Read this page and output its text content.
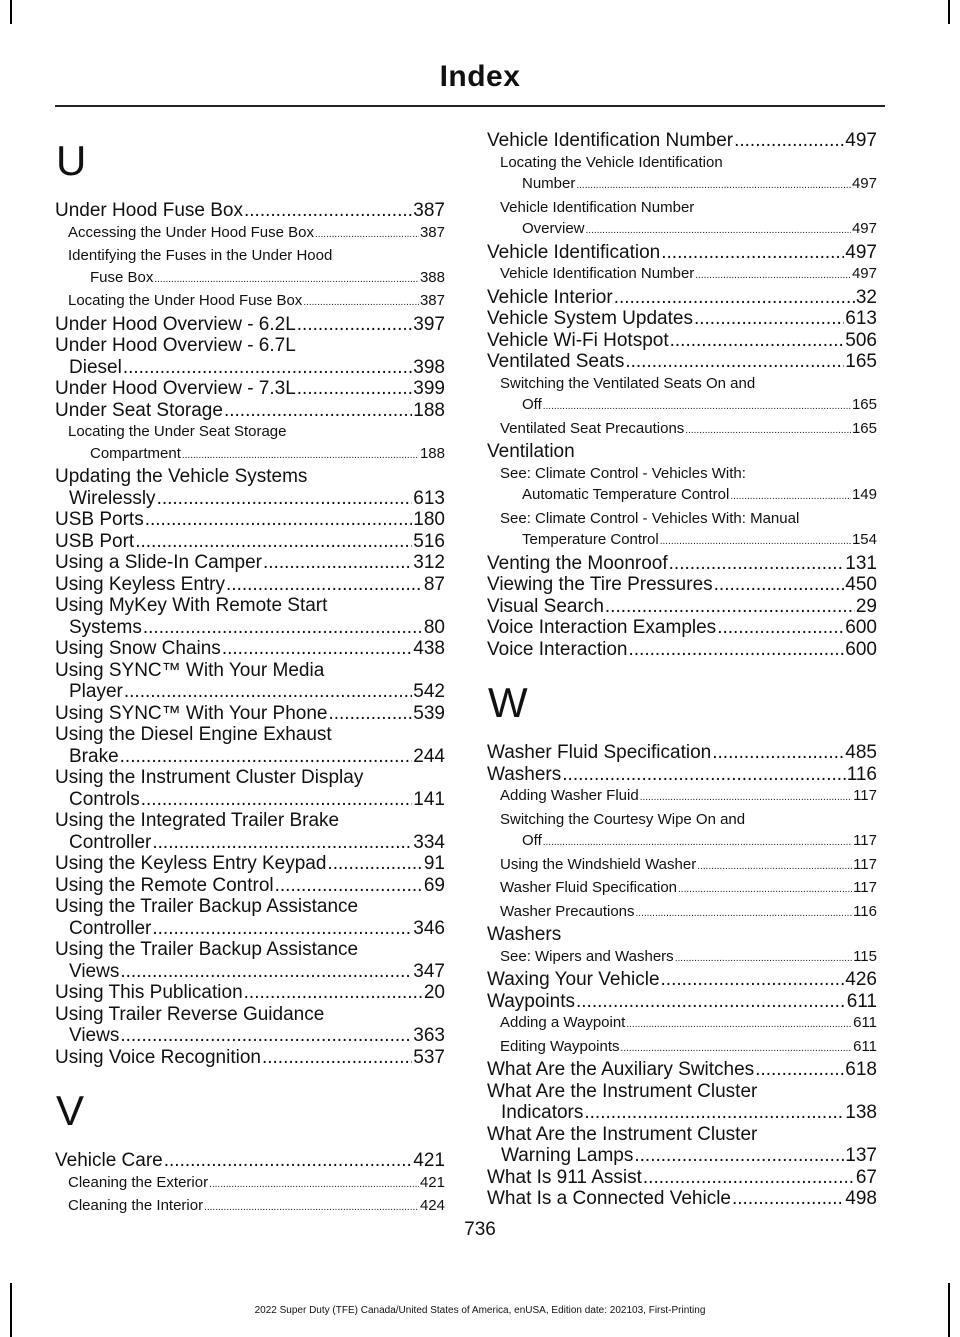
Index
U
Under Hood Fuse Box .....	387
Accessing the Under Hood Fuse Box .....	387
Identifying the Fuses in the Under Hood
Fuse Box .....	388
Locating the Under Hood Fuse Box .....	387
Under Hood Overview - 6.2L .....	397
Under Hood Overview - 6.7L
Diesel .....	398
Under Hood Overview - 7.3L .....	399
Under Seat Storage .....	188
Locating the Under Seat Storage
Compartment .....	188
Updating the Vehicle Systems
Wirelessly .....	613
USB Ports .....	180
USB Port .....	516
Using a Slide-In Camper .....	312
Using Keyless Entry .....	87
Using MyKey With Remote Start
Systems .....	80
Using Snow Chains .....	438
Using SYNC™ With Your Media
Player .....	542
Using SYNC™ With Your Phone .....	539
Using the Diesel Engine Exhaust
Brake .....	244
Using the Instrument Cluster Display
Controls .....	141
Using the Integrated Trailer Brake
Controller .....	334
Using the Keyless Entry Keypad .....	91
Using the Remote Control .....	69
Using the Trailer Backup Assistance
Controller .....	346
Using the Trailer Backup Assistance
Views .....	347
Using This Publication .....	20
Using Trailer Reverse Guidance
Views .....	363
Using Voice Recognition .....	537
V
Vehicle Care .....	421
Cleaning the Exterior .....	421
Cleaning the Interior .....	424
Vehicle Identification Number .....	497
Locating the Vehicle Identification
Number .....	497
Vehicle Identification Number
Overview .....	497
Vehicle Identification .....	497
Vehicle Identification Number .....	497
Vehicle Interior .....	32
Vehicle System Updates .....	613
Vehicle Wi-Fi Hotspot .....	506
Ventilated Seats .....	165
Switching the Ventilated Seats On and
Off .....	165
Ventilated Seat Precautions .....	165
Ventilation
See: Climate Control - Vehicles With:
Automatic Temperature Control .....	149
See: Climate Control - Vehicles With: Manual
Temperature Control .....	154
Venting the Moonroof .....	131
Viewing the Tire Pressures .....	450
Visual Search .....	29
Voice Interaction Examples .....	600
Voice Interaction .....	600
W
Washer Fluid Specification .....	485
Washers .....	116
Adding Washer Fluid .....	117
Switching the Courtesy Wipe On and
Off .....	117
Using the Windshield Washer .....	117
Washer Fluid Specification .....	117
Washer Precautions .....	116
Washers
See: Wipers and Washers .....	115
Waxing Your Vehicle .....	426
Waypoints .....	611
Adding a Waypoint .....	611
Editing Waypoints .....	611
What Are the Auxiliary Switches .....	618
What Are the Instrument Cluster
Indicators .....	138
What Are the Instrument Cluster
Warning Lamps .....	137
What Is 911 Assist .....	67
What Is a Connected Vehicle .....	498
736
2022 Super Duty (TFE) Canada/United States of America, enUSA, Edition date: 202103, First-Printing
